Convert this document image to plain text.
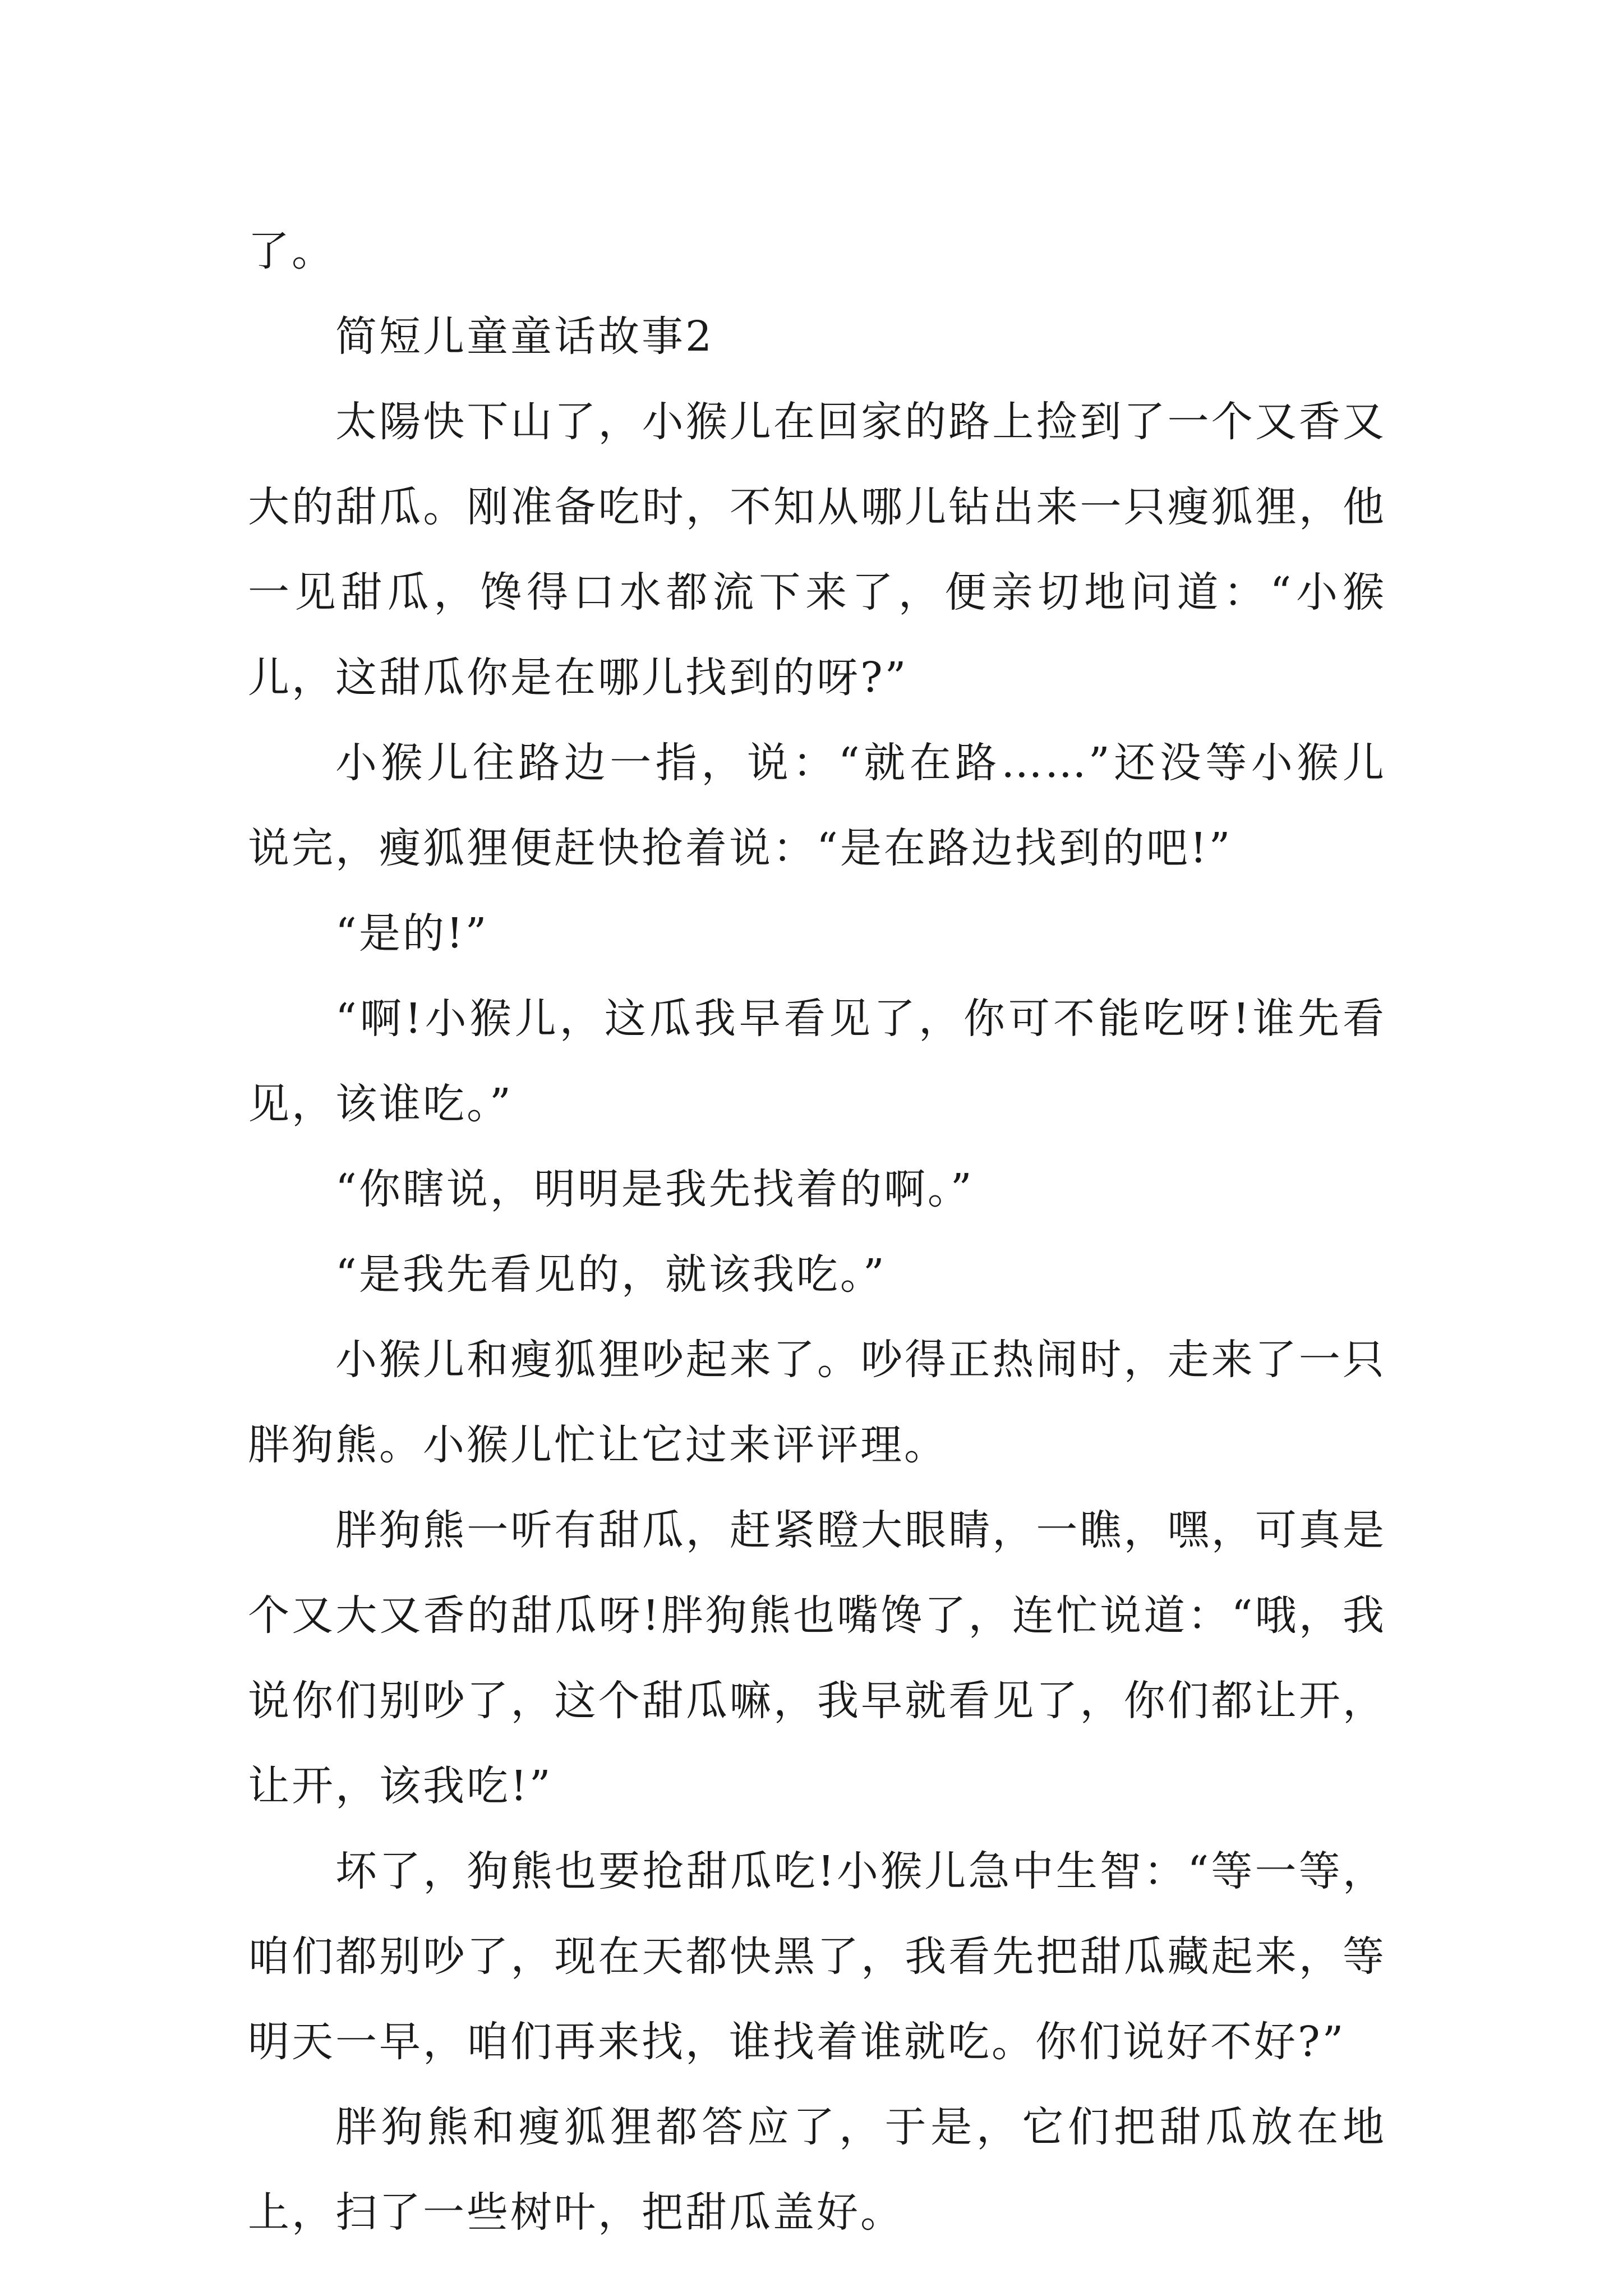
了。

简短儿童童话故事2

太陽快下山了，小猴儿在回家的路上捡到了一个又香又大的甜瓜。刚准备吃时，不知从哪儿钻出来一只瘦狐狸，他一见甜瓜，馋得口水都流下来了，便亲切地问道：“小猴儿，这甜瓜你是在哪儿找到的呀?”

小猴儿往路边一指，说：“就在路……”还没等小猴儿说完，瘦狐狸便赶快抢着说：“是在路边找到的吧!”

“是的!”

“啊!小猴儿，这瓜我早看见了，你可不能吃呀!谁先看见，该谁吃。”

“你瞎说，明明是我先找着的啊。”

“是我先看见的，就该我吃。”

小猴儿和瘦狐狸吵起来了。吵得正热闹时，走来了一只胖狗熊。小猴儿忙让它过来评评理。

胖狗熊一听有甜瓜，赶紧瞪大眼睛，一瞧，嘿，可真是个又大又香的甜瓜呀!胖狗熊也嘴馋了，连忙说道：“哦，我说你们别吵了，这个甜瓜嘛，我早就看见了，你们都让开，让开，该我吃!”

坏了，狗熊也要抢甜瓜吃!小猴儿急中生智：“等一等，咱们都别吵了，现在天都快黑了，我看先把甜瓜藏起来，等明天一早，咱们再来找，谁找着谁就吃。你们说好不好?”

胖狗熊和瘦狐狸都答应了，于是，它们把甜瓜放在地上，扫了一些树叶，把甜瓜盖好。
